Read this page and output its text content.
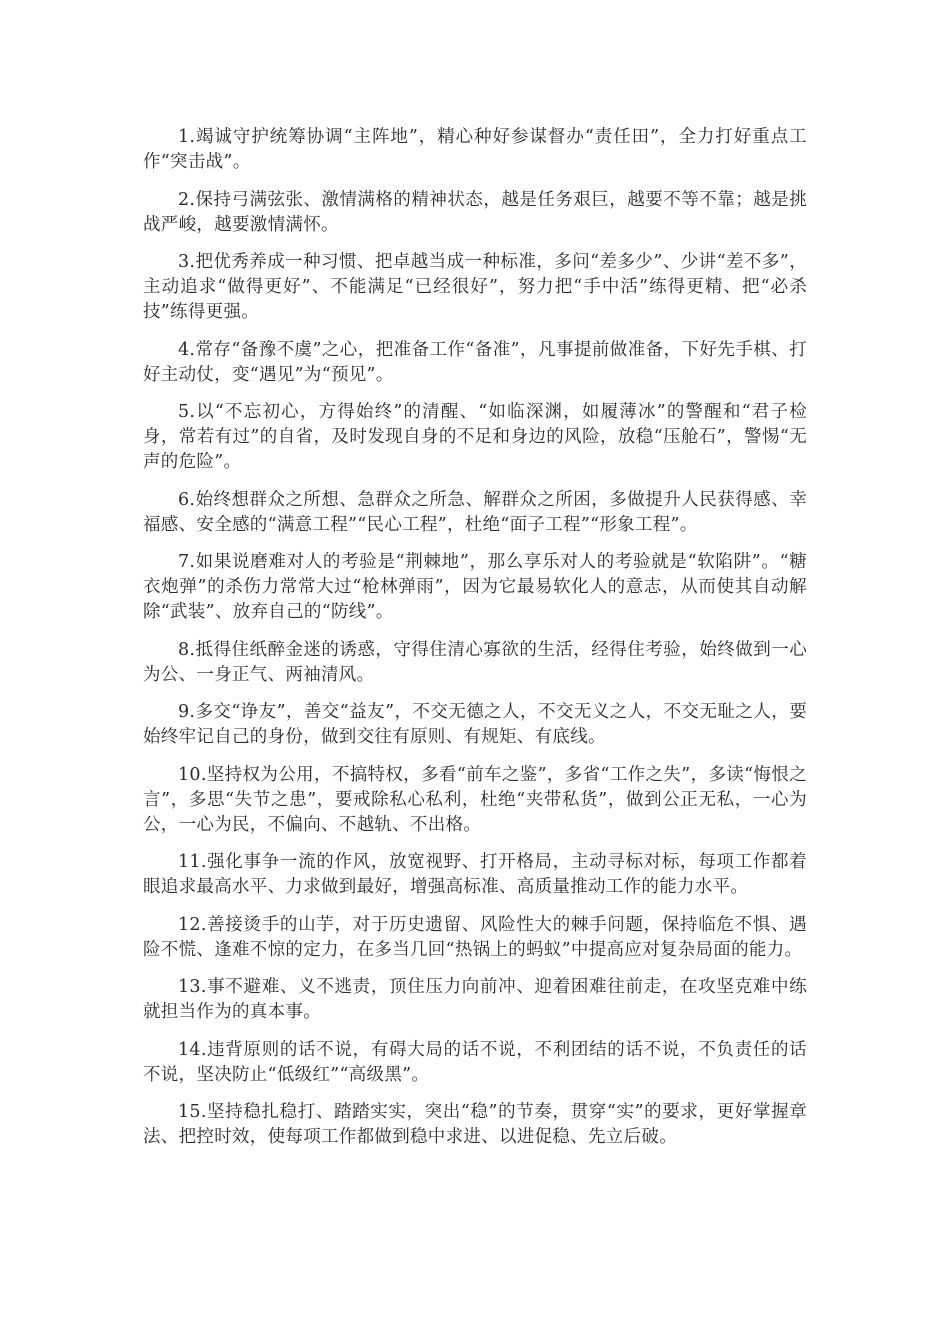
1.竭诚守护统筹协调“主阵地”，精心种好参谋督办“责任田”，全力打好重点工作“突击战”。

2.保持弓满弦张、激情满格的精神状态，越是任务艰巨，越要不等不靠；越是挑战严峻，越要激情满怀。

3.把优秀养成一种习惯、把卓越当成一种标准，多问“差多少”、少讲“差不多”，主动追求“做得更好”、不能满足“已经很好”，努力把“手中活”练得更精、把“必杀技”练得更强。

4.常存“备豫不虞”之心，把准备工作“备准”，凡事提前做准备，下好先手棋、打好主动仗，变“遇见”为“预见”。

5.以“不忘初心，方得始终”的清醒、“如临深渊，如履薄冰”的警醒和“君子检身，常若有过”的自省，及时发现自身的不足和身边的风险，放稳“压舱石”，警惕“无声的危险”。

6.始终想群众之所想、急群众之所急、解群众之所困，多做提升人民获得感、幸福感、安全感的“满意工程”“民心工程”，杜绝“面子工程”“形象工程”。

7.如果说磨难对人的考验是“荆棘地”，那么享乐对人的考验就是“软陷阱”。“糖衣炮弹”的杀伤力常常大过“枪林弹雨”，因为它最易软化人的意志，从而使其自动解除“武装”、放弃自己的“防线”。

8.抵得住纸醉金迷的诱惑，守得住清心寡欲的生活，经得住考验，始终做到一心为公、一身正气、两袖清风。

9.多交“诤友”，善交“益友”，不交无德之人，不交无义之人，不交无耻之人，要始终牢记自己的身份，做到交往有原则、有规矩、有底线。

10.坚持权为公用，不搞特权，多看“前车之鉴”，多省“工作之失”，多读“悔恨之言”，多思“失节之患”，要戒除私心私利，杜绝“夹带私货”，做到公正无私，一心为公，一心为民，不偏向、不越轨、不出格。

11.强化事争一流的作风，放宽视野、打开格局，主动寻标对标，每项工作都着眼追求最高水平、力求做到最好，增强高标准、高质量推动工作的能力水平。

12.善接烫手的山芋，对于历史遗留、风险性大的棘手问题，保持临危不惧、遇险不慌、逢难不惊的定力，在多当几回“热锅上的蚂蚁”中提高应对复杂局面的能力。

13.事不避难、义不逃责，顶住压力向前冲、迎着困难往前走，在攻坚克难中练就担当作为的真本事。

14.违背原则的话不说，有碍大局的话不说，不利团结的话不说，不负责任的话不说，坚决防止“低级红”“高级黑”。

15.坚持稳扎稳打、踏踏实实，突出“稳”的节奏，贯穿“实”的要求，更好掌握章法、把控时效，使每项工作都做到稳中求进、以进促稳、先立后破。
